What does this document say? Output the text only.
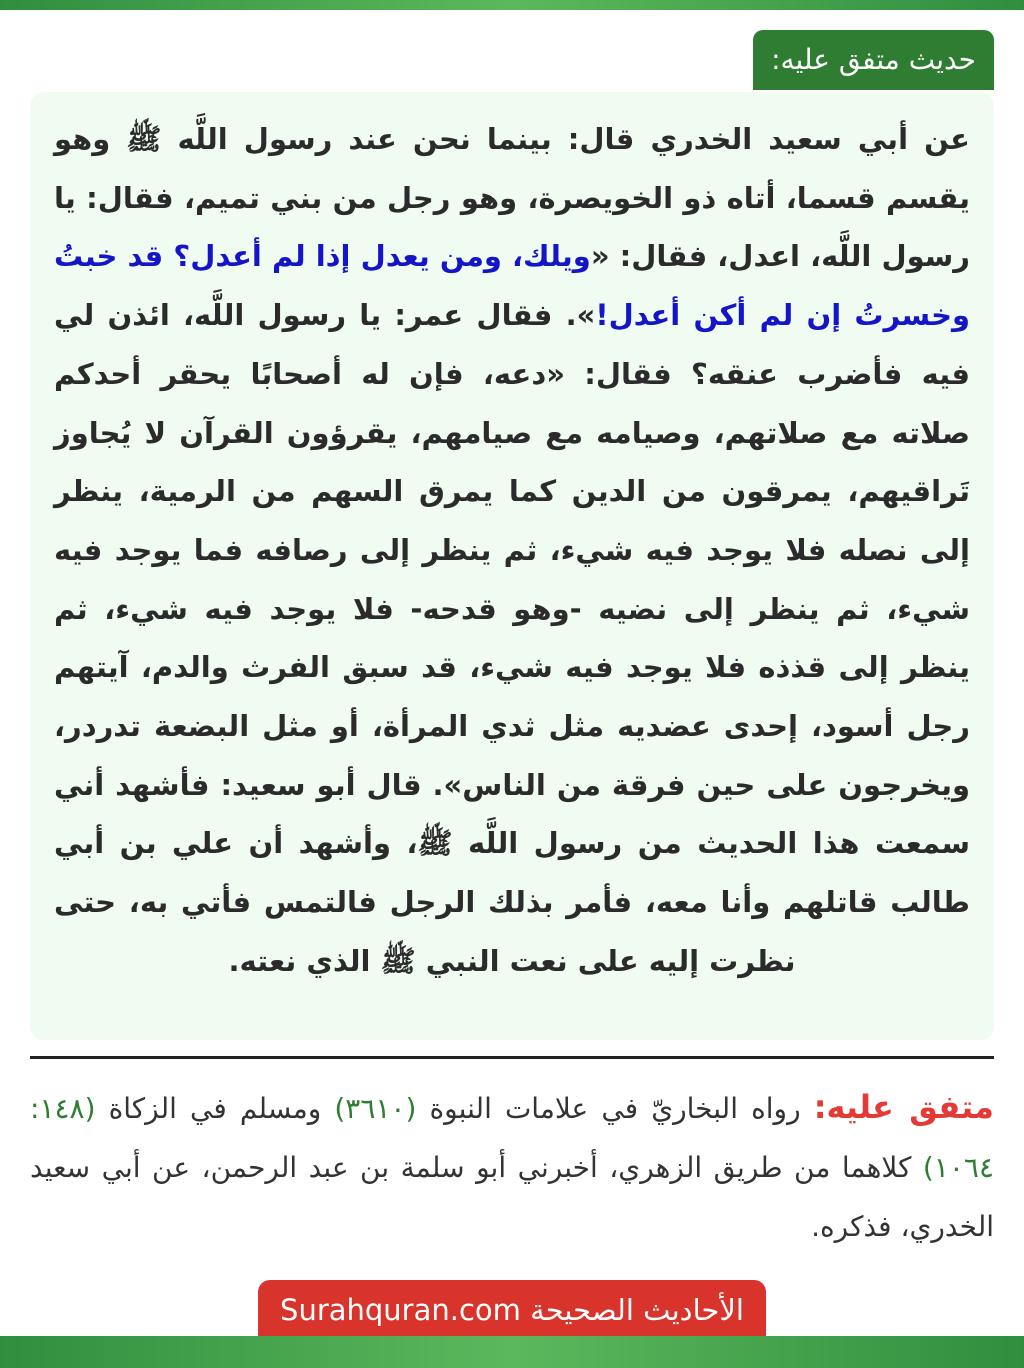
حديث متفق عليه:
عن أبي سعيد الخدري قال: بينما نحن عند رسول اللَّه ﷺ وهو يقسم قسما، أتاه ذو الخويصرة، وهو رجل من بني تميم، فقال: يا رسول اللَّه، اعدل، فقال: «ويلك، ومن يعدل إذا لم أعدل؟ قد خبتُ وخسرتُ إن لم أكن أعدل!». فقال عمر: يا رسول اللَّه، ائذن لي فيه فأضرب عنقه؟ فقال: «دعه، فإن له أصحابًا يحقر أحدكم صلاته مع صلاتهم، وصيامه مع صيامهم، يقرؤون القرآن لا يُجاوز تَراقيهم، يمرقون من الدين كما يمرق السهم من الرمية، ينظر إلى نصله فلا يوجد فيه شيء، ثم ينظر إلى رصافه فما يوجد فيه شيء، ثم ينظر إلى نضيه -وهو قدحه- فلا يوجد فيه شيء، ثم ينظر إلى قذذه فلا يوجد فيه شيء، قد سبق الفرث والدم، آيتهم رجل أسود، إحدى عضديه مثل ثدي المرأة، أو مثل البضعة تدردر، ويخرجون على حين فرقة من الناس». قال أبو سعيد: فأشهد أني سمعت هذا الحديث من رسول اللَّه ﷺ، وأشهد أن علي بن أبي طالب قاتلهم وأنا معه، فأمر بذلك الرجل فالتمس فأتي به، حتى نظرت إليه على نعت النبي ﷺ الذي نعته.
متفق عليه: رواه البخاريّ في علامات النبوة (٣٦١٠) ومسلم في الزكاة (١٤٨: ١٠٦٤) كلاهما من طريق الزهري، أخبرني أبو سلمة بن عبد الرحمن، عن أبي سعيد الخدري، فذكره.
الأحاديث الصحيحة Surahquran.com
